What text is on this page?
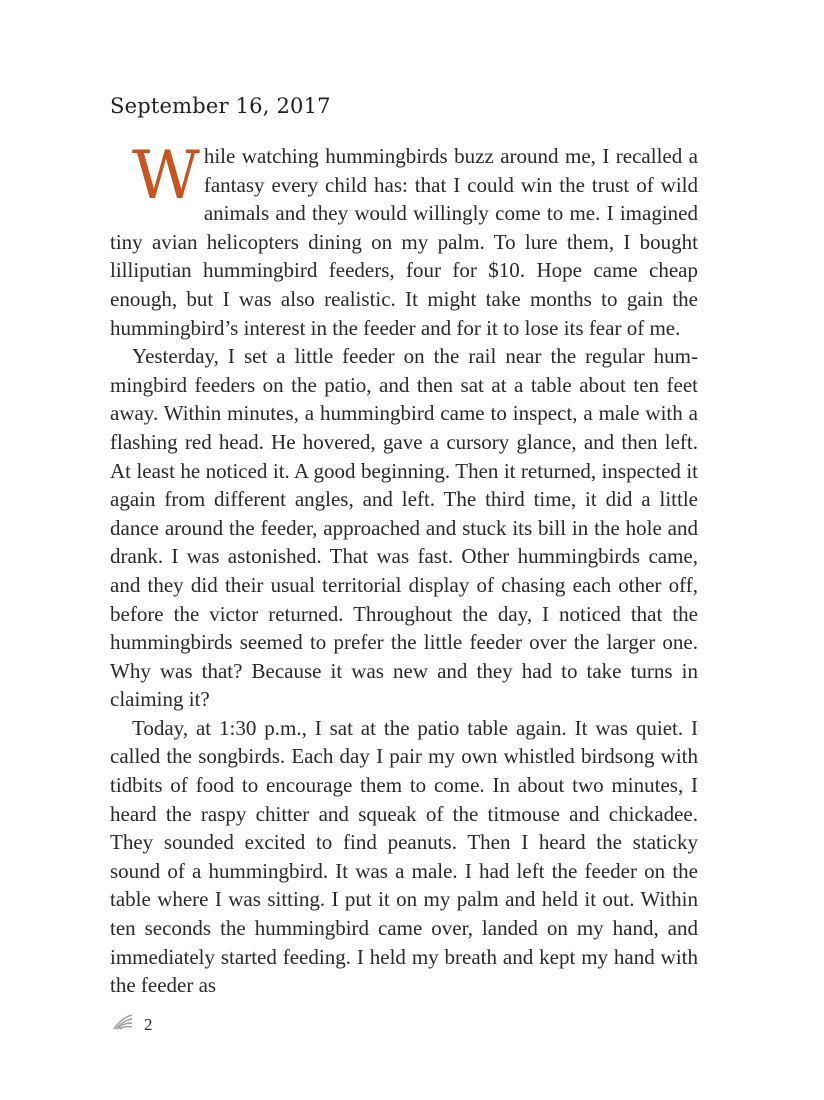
September 16, 2017

While watching hummingbirds buzz around me, I recalled a fantasy every child has: that I could win the trust of wild animals and they would willingly come to me. I imagined tiny avian helicopters dining on my palm. To lure them, I bought lilliputian hummingbird feeders, four for $10. Hope came cheap enough, but I was also realistic. It might take months to gain the hummingbird’s interest in the feeder and for it to lose its fear of me.

Yesterday, I set a little feeder on the rail near the regular hummingbird feeders on the patio, and then sat at a table about ten feet away. Within minutes, a hummingbird came to inspect, a male with a flashing red head. He hovered, gave a cursory glance, and then left. At least he noticed it. A good beginning. Then it returned, inspected it again from different angles, and left. The third time, it did a little dance around the feeder, approached and stuck its bill in the hole and drank. I was astonished. That was fast. Other hummingbirds came, and they did their usual territorial display of chasing each other off, before the victor returned. Throughout the day, I noticed that the hummingbirds seemed to prefer the little feeder over the larger one. Why was that? Because it was new and they had to take turns in claiming it?

Today, at 1:30 p.m., I sat at the patio table again. It was quiet. I called the songbirds. Each day I pair my own whistled birdsong with tidbits of food to encourage them to come. In about two minutes, I heard the raspy chitter and squeak of the titmouse and chickadee. They sounded excited to find peanuts. Then I heard the staticky sound of a hummingbird. It was a male. I had left the feeder on the table where I was sitting. I put it on my palm and held it out. Within ten seconds the hummingbird came over, landed on my hand, and immediately started feeding. I held my breath and kept my hand with the feeder as

2
